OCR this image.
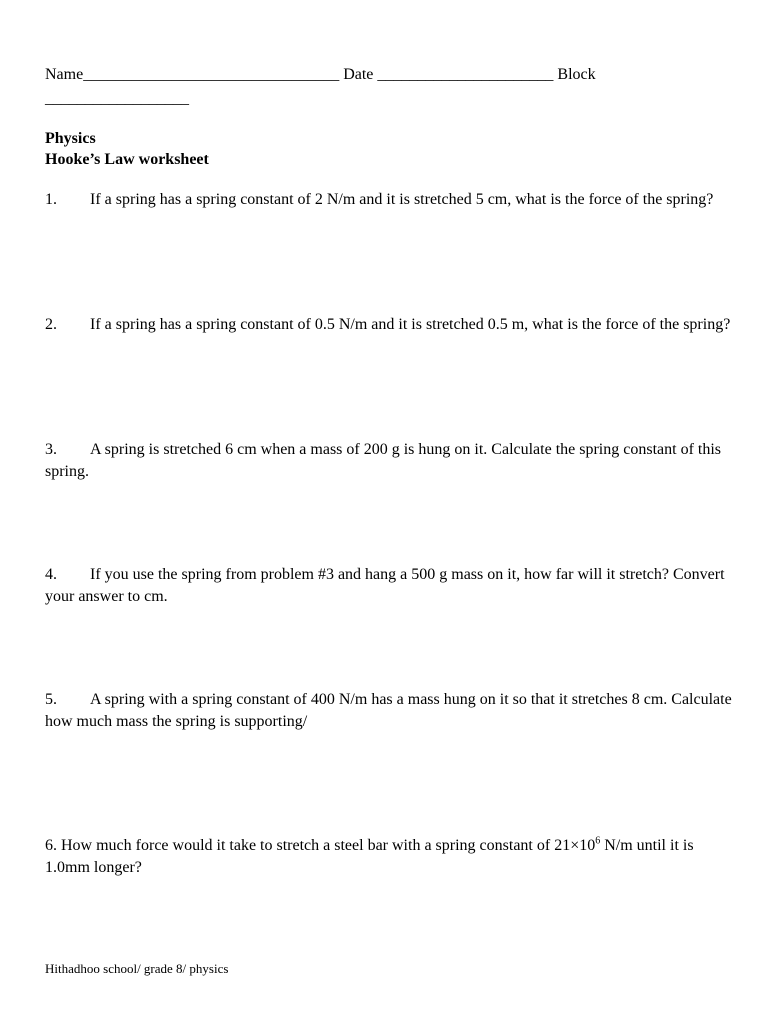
Name________________________________ Date ______________________ Block
__________________
Physics
Hooke’s Law worksheet
1. If a spring has a spring constant of 2 N/m and it is stretched 5 cm, what is the force of the spring?
2. If a spring has a spring constant of 0.5 N/m and it is stretched 0.5 m, what is the force of the spring?
3. A spring is stretched 6 cm when a mass of 200 g is hung on it. Calculate the spring constant of this spring.
4. If you use the spring from problem #3 and hang a 500 g mass on it, how far will it stretch? Convert your answer to cm.
5. A spring with a spring constant of 400 N/m has a mass hung on it so that it stretches 8 cm. Calculate how much mass the spring is supporting/
6. How much force would it take to stretch a steel bar with a spring constant of $21\times 10^6$ N/m until it is 1.0mm longer?
Hithadhoo school/ grade 8/ physics
